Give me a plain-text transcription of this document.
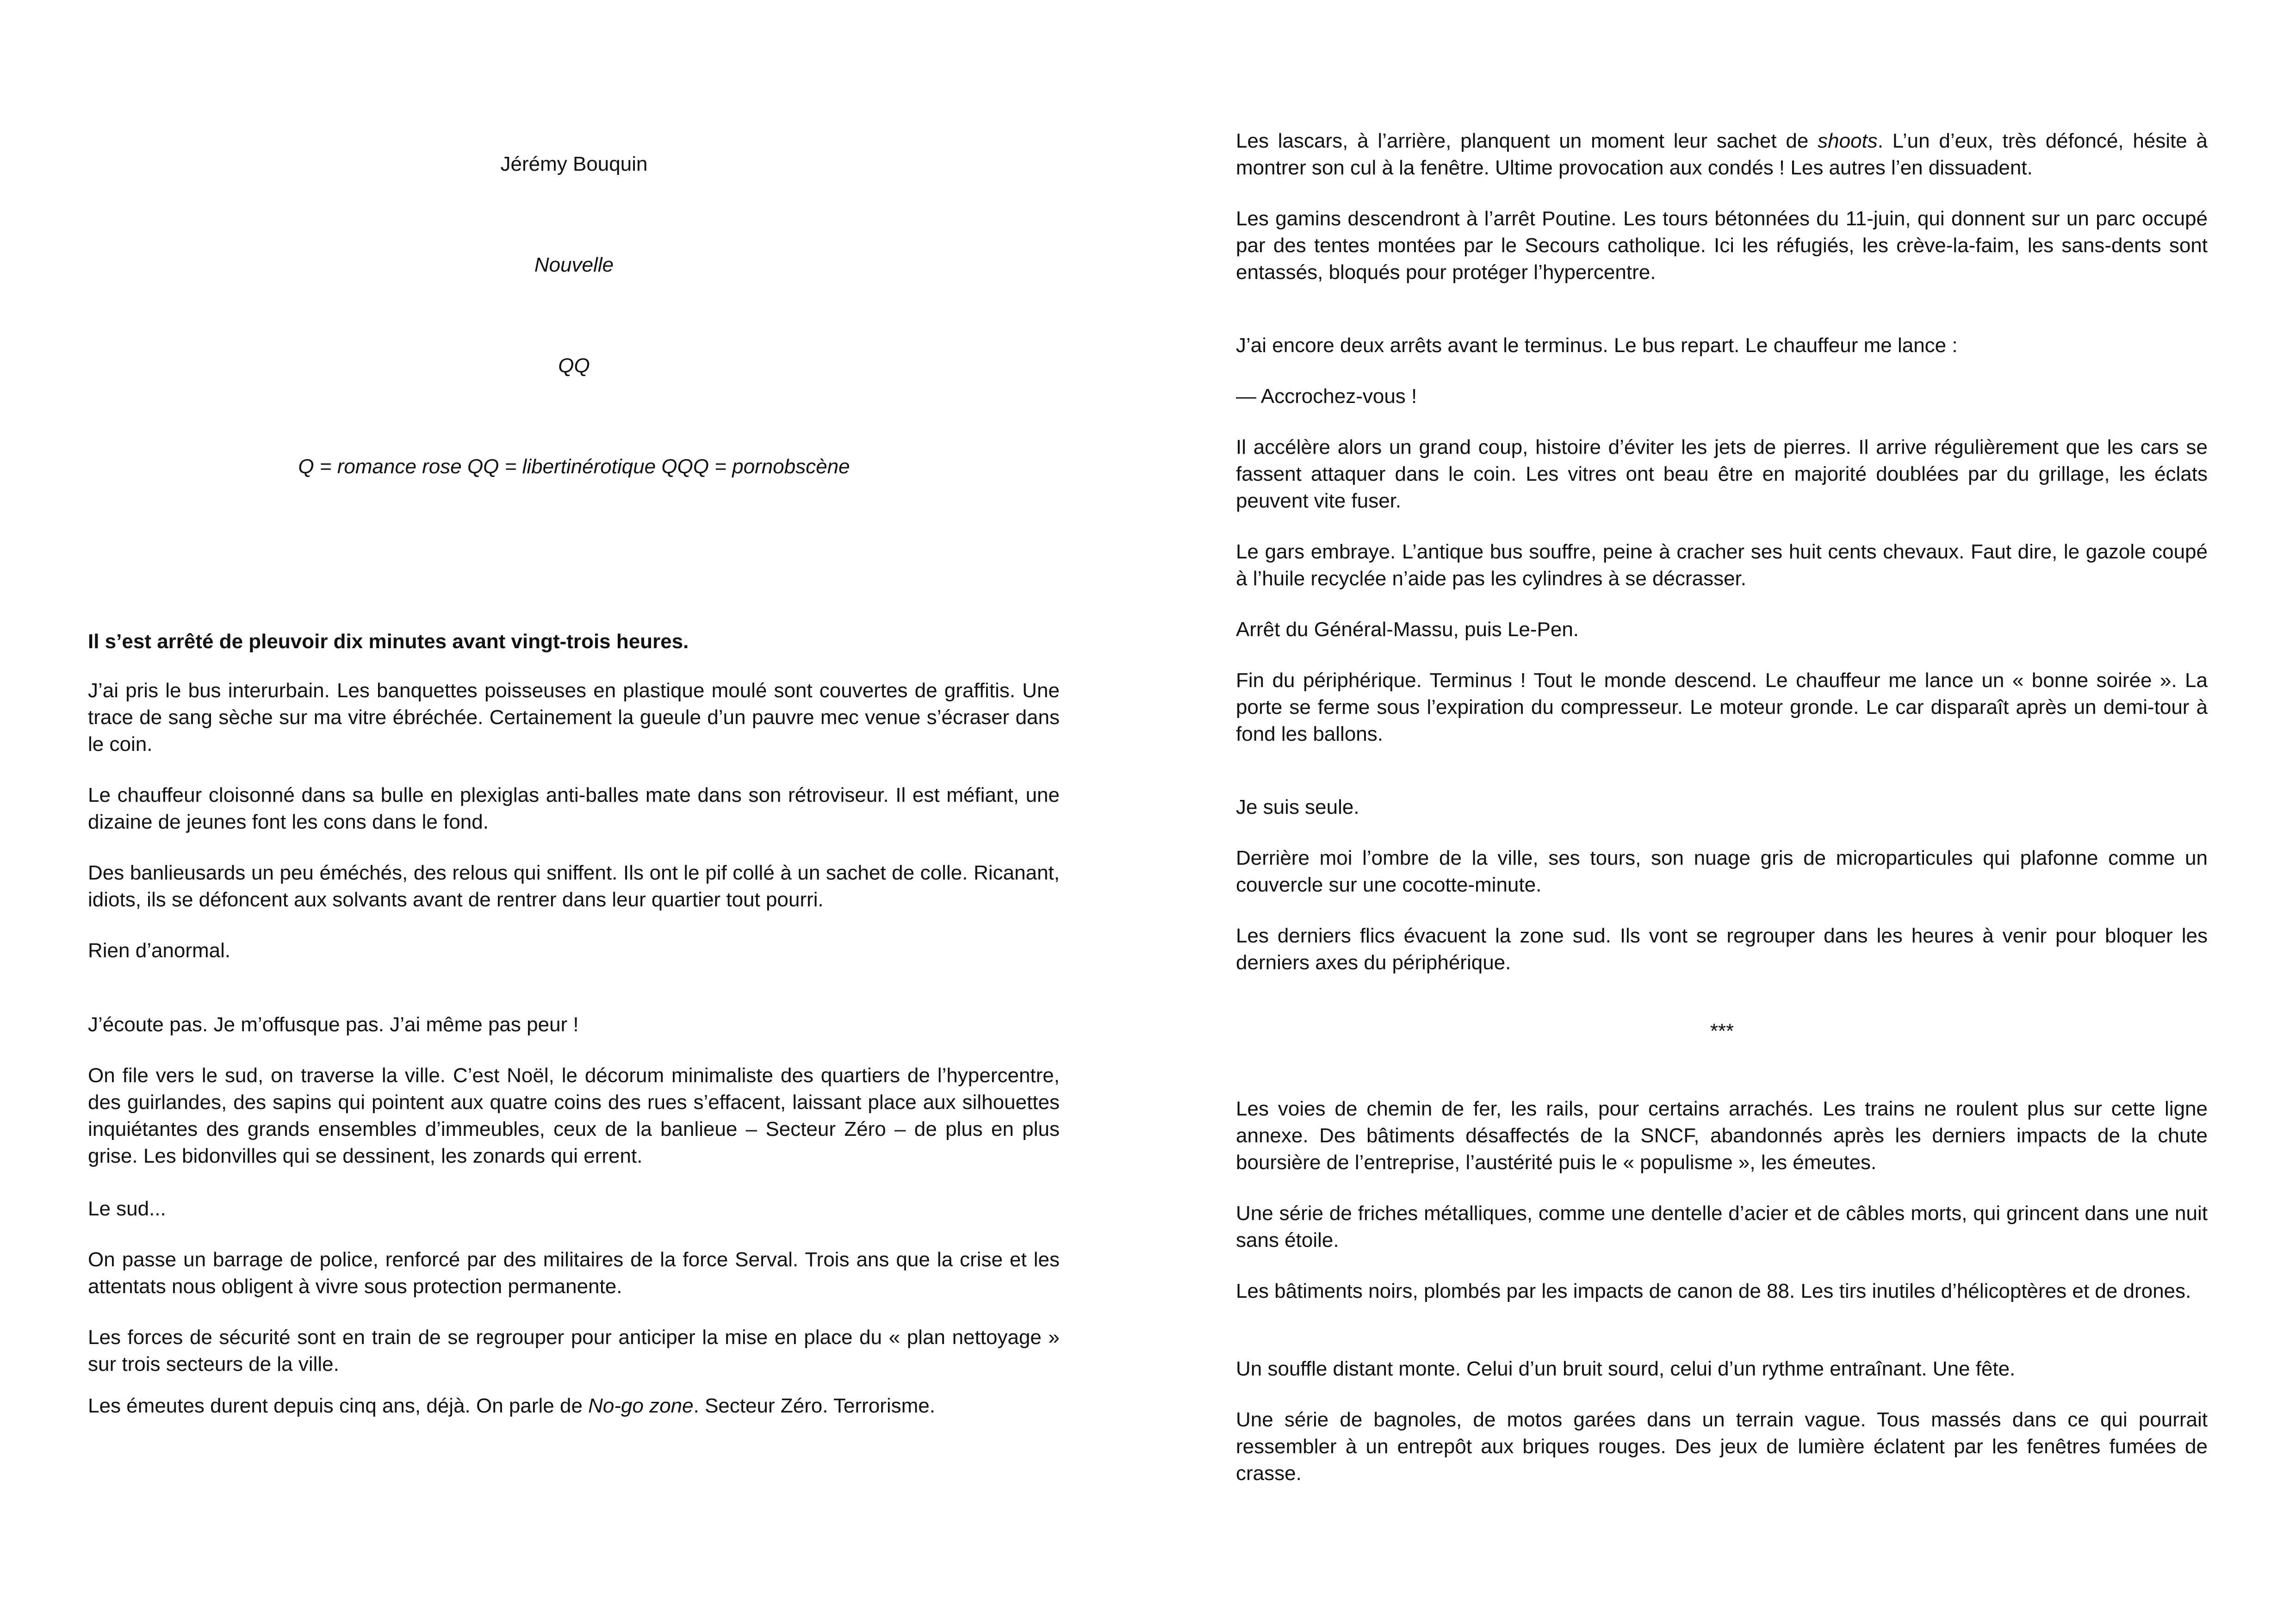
Jérémy Bouquin
Nouvelle
QQ
Q = romance rose QQ = libertinérotique QQQ = pornobscène
Il s’est arrêté de pleuvoir dix minutes avant vingt-trois heures.
J’ai pris le bus interurbain. Les banquettes poisseuses en plastique moulé sont couvertes de graffitis. Une trace de sang sèche sur ma vitre ébréchée. Certainement la gueule d’un pauvre mec venue s’écraser dans le coin.
Le chauffeur cloisonné dans sa bulle en plexiglas anti-balles mate dans son rétroviseur. Il est méfiant, une dizaine de jeunes font les cons dans le fond.
Des banlieusards un peu éméchés, des relous qui sniffent. Ils ont le pif collé à un sachet de colle. Ricanant, idiots, ils se défoncent aux solvants avant de rentrer dans leur quartier tout pourri.
Rien d’anormal.
J’écoute pas. Je m’offusque pas. J’ai même pas peur !
On file vers le sud, on traverse la ville. C’est Noël, le décorum minimaliste des quartiers de l’hypercentre, des guirlandes, des sapins qui pointent aux quatre coins des rues s’effacent, laissant place aux silhouettes inquiétantes des grands ensembles d’immeubles, ceux de la banlieue – Secteur Zéro – de plus en plus grise. Les bidonvilles qui se dessinent, les zonards qui errent.
Le sud...
On passe un barrage de police, renforcé par des militaires de la force Serval. Trois ans que la crise et les attentats nous obligent à vivre sous protection permanente.
Les forces de sécurité sont en train de se regrouper pour anticiper la mise en place du « plan nettoyage » sur trois secteurs de la ville.
Les émeutes durent depuis cinq ans, déjà. On parle de No-go zone. Secteur Zéro. Terrorisme.
Les lascars, à l’arrière, planquent un moment leur sachet de shoots. L’un d’eux, très défoncé, hésite à montrer son cul à la fenêtre. Ultime provocation aux condés ! Les autres l’en dissuadent.
Les gamins descendront à l’arrêt Poutine. Les tours bétonnées du 11-juin, qui donnent sur un parc occupé par des tentes montées par le Secours catholique. Ici les réfugiés, les crève-la-faim, les sans-dents sont entassés, bloqués pour protéger l’hypercentre.
J’ai encore deux arrêts avant le terminus. Le bus repart. Le chauffeur me lance :
— Accrochez-vous !
Il accélère alors un grand coup, histoire d’éviter les jets de pierres. Il arrive régulièrement que les cars se fassent attaquer dans le coin. Les vitres ont beau être en majorité doublées par du grillage, les éclats peuvent vite fuser.
Le gars embraye. L’antique bus souffre, peine à cracher ses huit cents chevaux. Faut dire, le gazole coupé à l’huile recyclée n’aide pas les cylindres à se décrasser.
Arrêt du Général-Massu, puis Le-Pen.
Fin du périphérique. Terminus ! Tout le monde descend. Le chauffeur me lance un « bonne soirée ». La porte se ferme sous l’expiration du compresseur. Le moteur gronde. Le car disparaît après un demi-tour à fond les ballons.
Je suis seule.
Derrière moi l’ombre de la ville, ses tours, son nuage gris de microparticules qui plafonne comme un couvercle sur une cocotte-minute.
Les derniers flics évacuent la zone sud. Ils vont se regrouper dans les heures à venir pour bloquer les derniers axes du périphérique.
***
Les voies de chemin de fer, les rails, pour certains arrachés. Les trains ne roulent plus sur cette ligne annexe. Des bâtiments désaffectés de la SNCF, abandonnés après les derniers impacts de la chute boursière de l’entreprise, l’austérité puis le « populisme », les émeutes.
Une série de friches métalliques, comme une dentelle d’acier et de câbles morts, qui grincent dans une nuit sans étoile.
Les bâtiments noirs, plombés par les impacts de canon de 88. Les tirs inutiles d’hélicoptères et de drones.
Un souffle distant monte. Celui d’un bruit sourd, celui d’un rythme entraînant. Une fête.
Une série de bagnoles, de motos garées dans un terrain vague. Tous massés dans ce qui pourrait ressembler à un entrepôt aux briques rouges. Des jeux de lumière éclatent par les fenêtres fumées de crasse.
